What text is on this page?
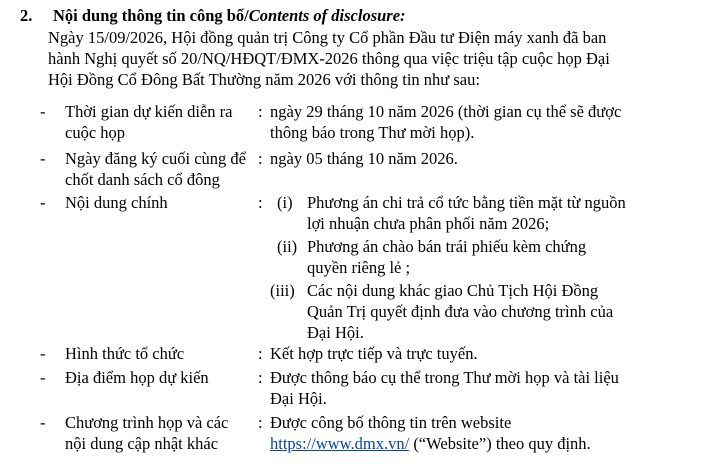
2. Nội dung thông tin công bố/Contents of disclosure:

Ngày 15/09/2026, Hội đồng quản trị Công ty Cổ phần Đầu tư Điện máy xanh đã ban
hành Nghị quyết số 20/NQ/HĐQT/ĐMX-2026 thông qua việc triệu tập cuộc họp Đại
Hội Đồng Cổ Đông Bất Thường năm 2026 với thông tin như sau:

- Thời gian dự kiến diễn ra
cuộc họp
: ngày 29 tháng 10 năm 2026 (thời gian cụ thể sẽ được
thông báo trong Thư mời họp).
- Ngày đăng ký cuối cùng để
chốt danh sách cổ đông
: ngày 05 tháng 10 năm 2026.
- Nội dung chính	: (i) Phương án chi trả cổ tức bằng tiền mặt từ nguồn
lợi nhuận chưa phân phối năm 2026;
(ii) Phương án chào bán trái phiếu kèm chứng
quyền riêng lẻ ;
(iii) Các nội dung khác giao Chủ Tịch Hội Đồng
Quản Trị quyết định đưa vào chương trình của
Đại Hội.
- Hình thức tổ chức	: Kết hợp trực tiếp và trực tuyến.
- Địa điểm họp dự kiến	: Được thông báo cụ thể trong Thư mời họp và tài liệu
Đại Hội.
- Chương trình họp và các
nội dung cập nhật khác
: Được công bố thông tin trên website
https://www.dmx.vn/ (“Website”) theo quy định.
